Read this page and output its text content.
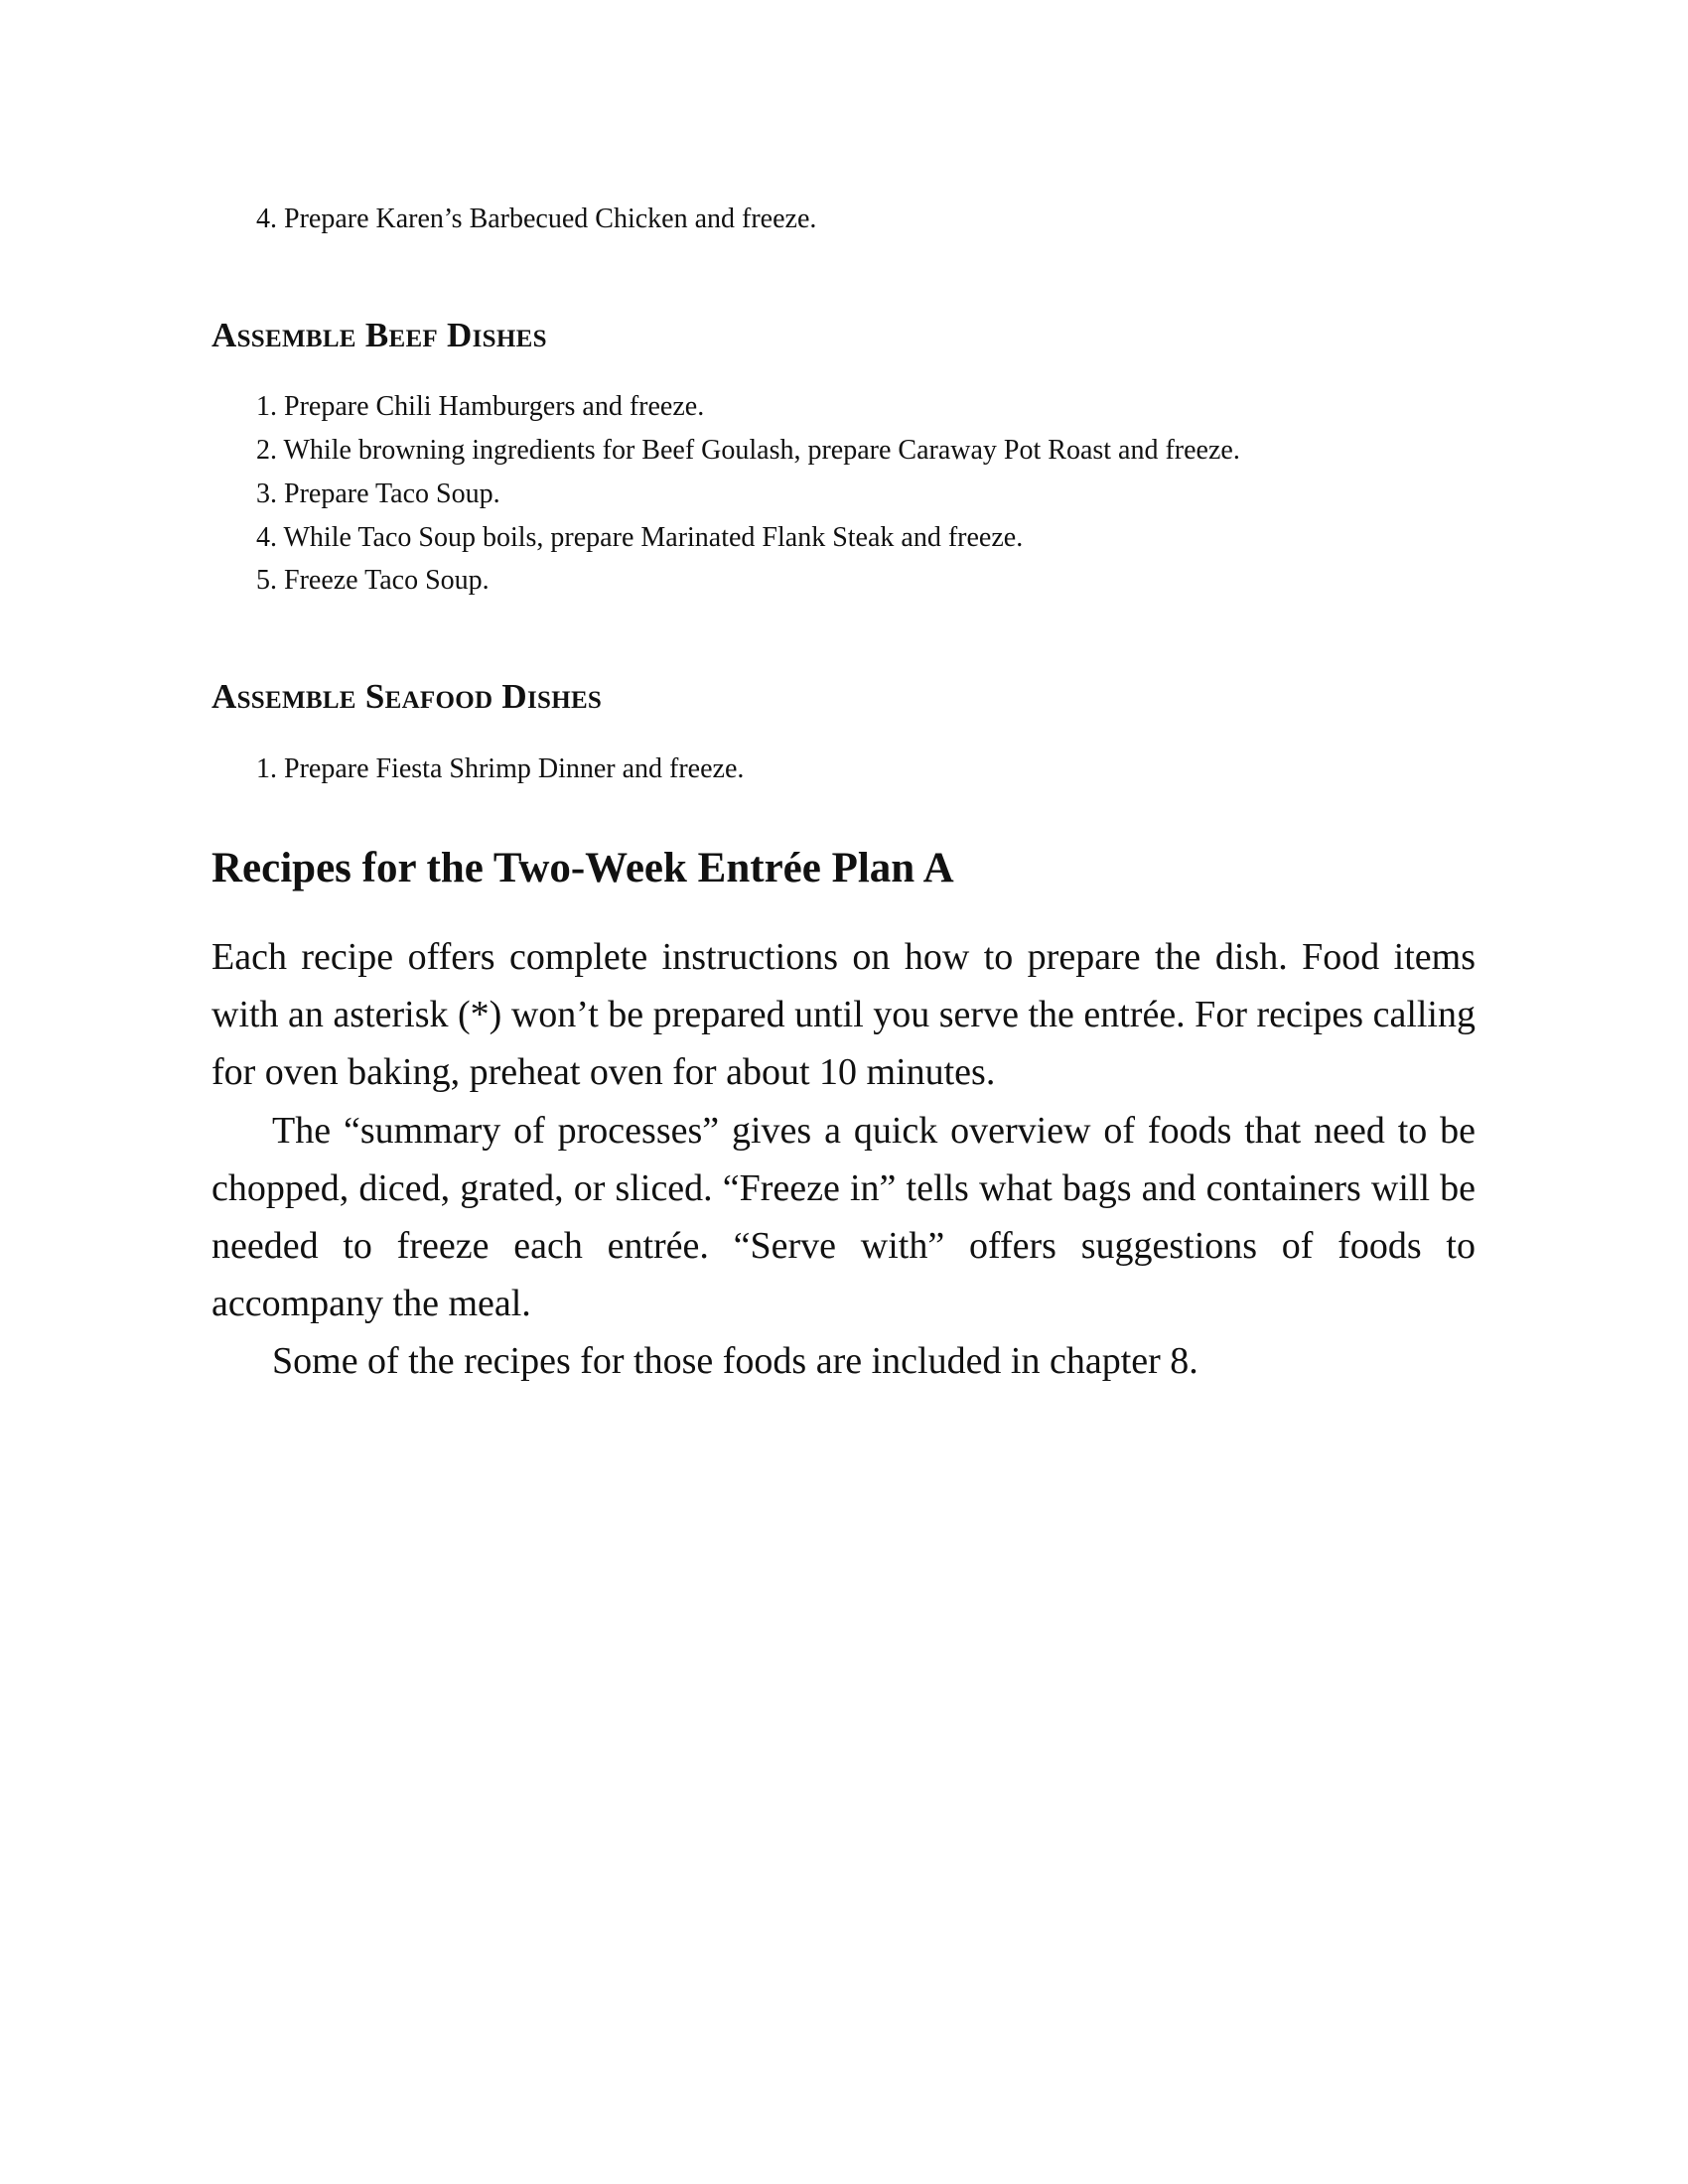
4. Prepare Karen’s Barbecued Chicken and freeze.
Assemble Beef Dishes
1. Prepare Chili Hamburgers and freeze.
2. While browning ingredients for Beef Goulash, prepare Caraway Pot Roast and freeze.
3. Prepare Taco Soup.
4. While Taco Soup boils, prepare Marinated Flank Steak and freeze.
5. Freeze Taco Soup.
Assemble Seafood Dishes
1. Prepare Fiesta Shrimp Dinner and freeze.
Recipes for the Two-Week Entrée Plan A

Each recipe offers complete instructions on how to prepare the dish. Food items with an asterisk (*) won’t be prepared until you serve the entrée. For recipes calling for oven baking, preheat oven for about 10 minutes.

The “summary of processes” gives a quick overview of foods that need to be chopped, diced, grated, or sliced. “Freeze in” tells what bags and containers will be needed to freeze each entrée. “Serve with” offers suggestions of foods to accompany the meal.

Some of the recipes for those foods are included in chapter 8.
